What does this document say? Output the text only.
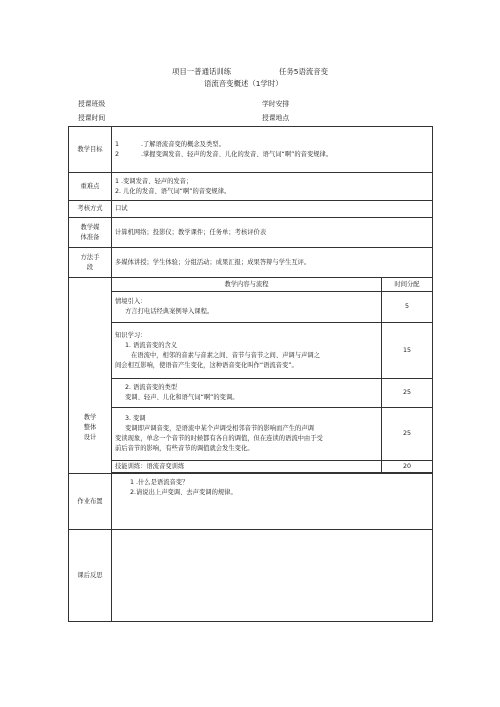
项目一普通话训练	任务5语流音变
语流音变概述（1学时）
授课班级	学时安排
授课时间	授课地点
教学目标	1 .了解语流音变的概念及类型。
2 .掌握变调发音、轻声的发音、儿化的发音、语气词“啊”的音变规律。	

重难点	1 .变调发音、轻声的发音；
2. 儿化的发音、语气词“啊”的音变规律。	

考核方式	口试	

教学媒
体准备	计算机网络；投影仪；教学课件；任务单；考核评价表	

方法手
段	多媒体讲授；学生体验；分组活动；成果汇报；成果答辩与学生互评。	

教学
整体
设计	教学内容与流程	时间分配

	情境引入：
方言打电话经典案例导入课程。	5

	知识学习：
1. 语流音变的含义
在语流中，相邻的音素与音素之间、音节与音节之间、声调与声调之
间会相互影响，使语音产生变化，这种语音变化叫作“语流音变”。	15

	2. 语流音变的类型
变调、轻声、儿化和语气词“啊”的变调。	25

	3. 变调
变调即声调音变，是语流中某个声调受相邻音节的影响而产生的声调
变读现象，单念一个音节的时候都有各自的调值，但在连读的语流中由于受
前后音节的影响，有些音节的调值就会发生变化。	25
	技能训练：语流音变训练	20

作业布置	1 .什么是语流音变？
2.请说出上声变调、去声变调的规律。	

课后反思		
